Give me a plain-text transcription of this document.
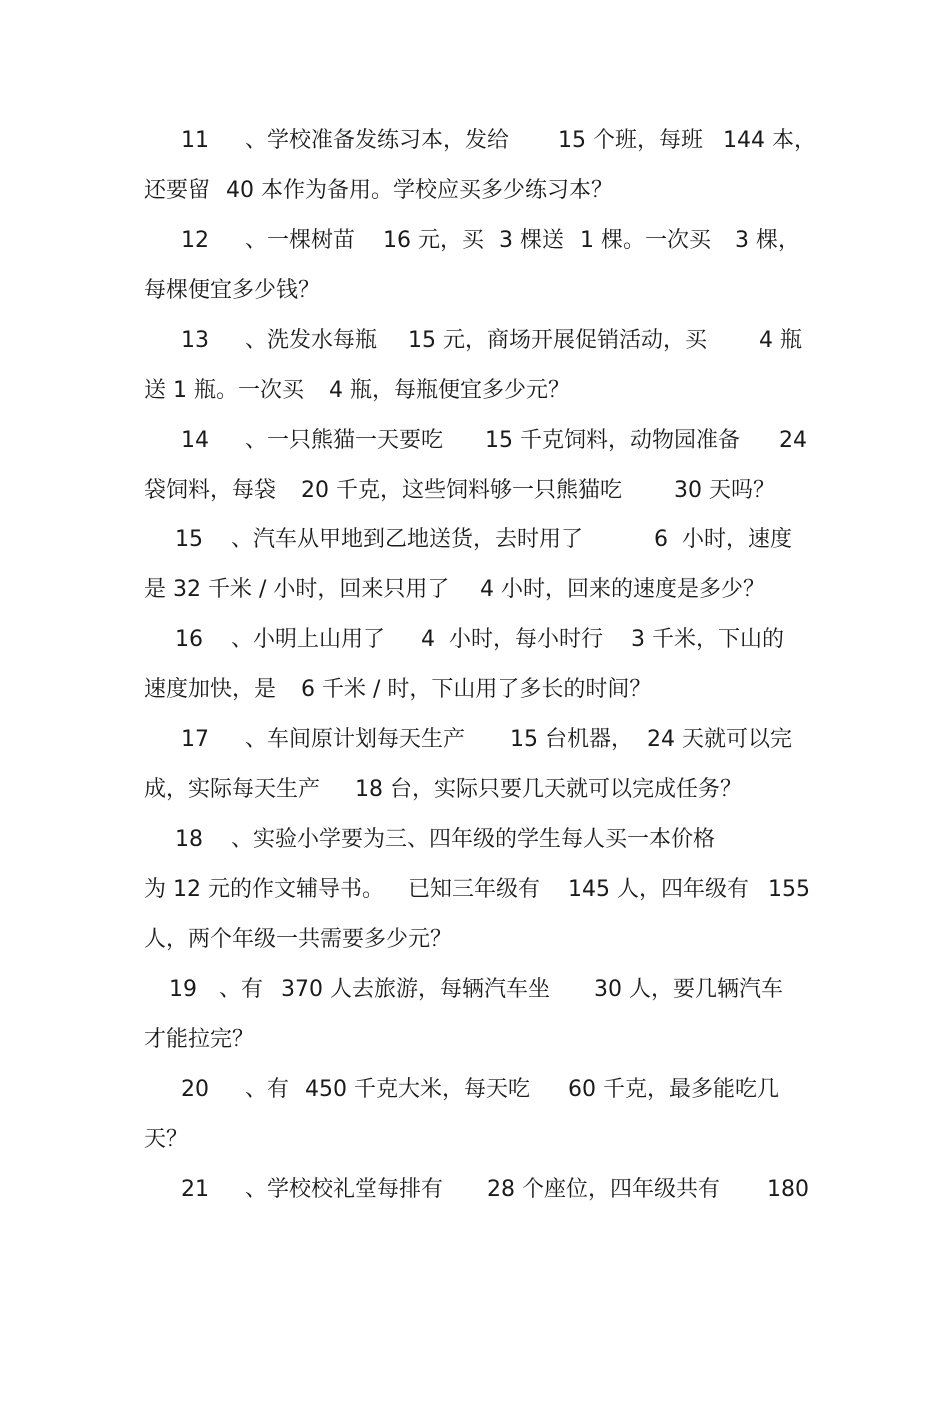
11

、学校准备发练习本，发给

15 个班，每班

144 本，

还要留

40 本作为备用。学校应买多少练习本？

12

、一棵树苗

16 元，买

3 棵送

1 棵。一次买

3 棵，

每棵便宜多少钱？

13

、洗发水每瓶

15 元，商场开展促销活动，买

4 瓶

送 1 瓶。一次买

4 瓶，每瓶便宜多少元？

14

、一只熊猫一天要吃

15 千克饲料，动物园准备

24

袋饲料，每袋

20 千克，这些饲料够一只熊猫吃

30 天吗？

15

、汽车从甲地到乙地送货，去时用了

	6  小时，速度

是 32 千米 / 小时，回来只用了

4 小时，回来的速度是多少？

16

、小明上山用了

4  小时，每小时行

3 千米，下山的

速度加快，是

6 千米 / 时，下山用了多长的时间？

17

、车间原计划每天生产

15 台机器，

24 天就可以完

成，实际每天生产

18 台，实际只要几天就可以完成任务？

18

、实验小学要为三、四年级的学生每人买一本价格

为 12 元的作文辅导书。

已知三年级有

145 人，

四年级有

155

人，两个年级一共需要多少元？

19

、有

370 人去旅游，每辆汽车坐

30 人，要几辆汽车

才能拉完？

20

、有

450 千克大米，每天吃

60 千克，最多能吃几

天？

21

、学校校礼堂每排有

28 个座位，四年级共有

180
